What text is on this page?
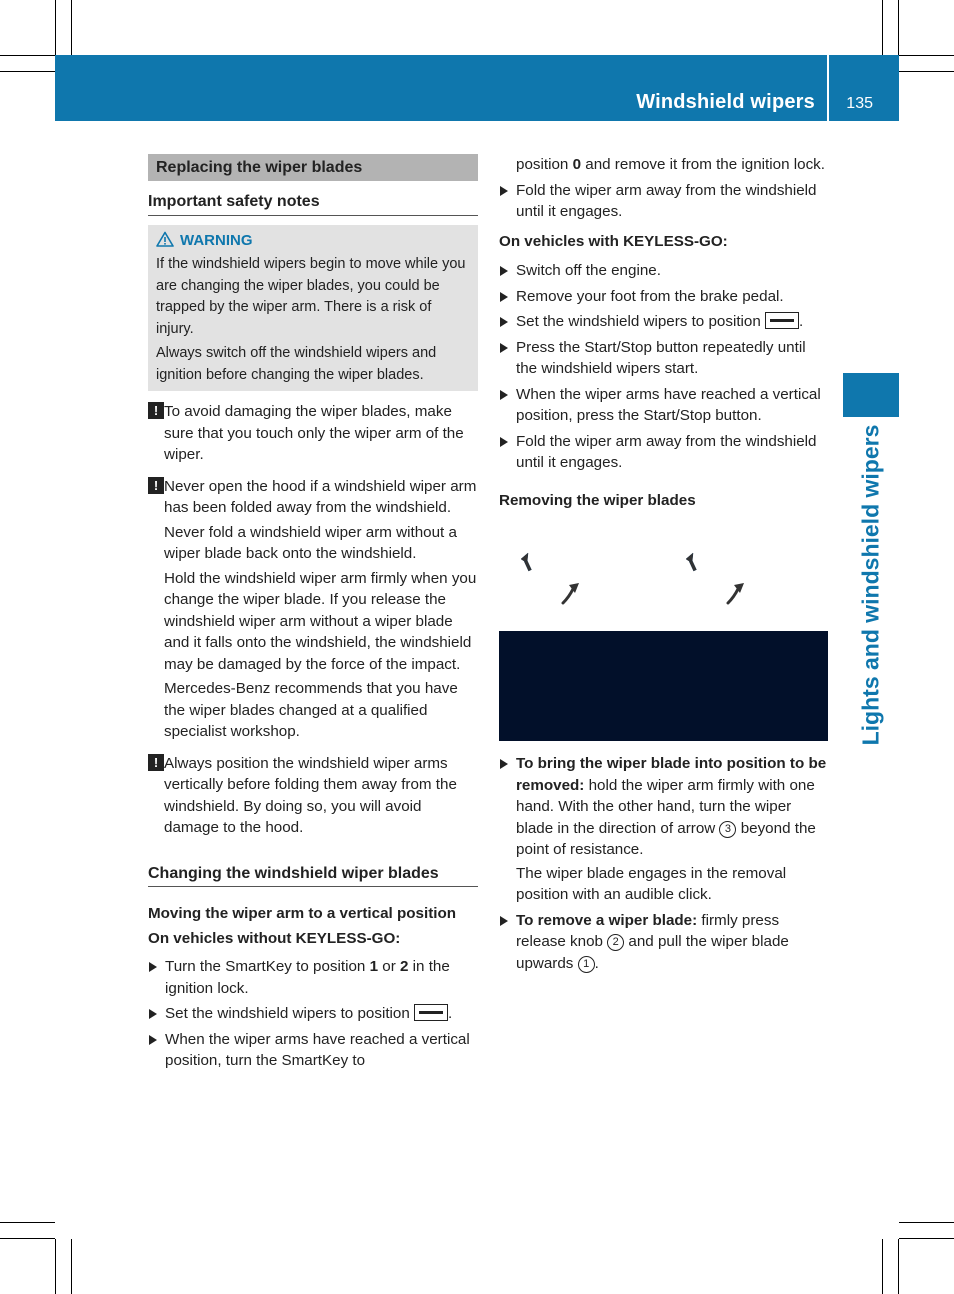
Windshield wipers 135
Lights and windshield wipers
Replacing the wiper blades
Important safety notes
WARNING

If the windshield wipers begin to move while you are changing the wiper blades, you could be trapped by the wiper arm. There is a risk of injury.

Always switch off the windshield wipers and ignition before changing the wiper blades.

! To avoid damaging the wiper blades, make sure that you touch only the wiper arm of the wiper.

! Never open the hood if a windshield wiper arm has been folded away from the windshield.

Never fold a windshield wiper arm without a wiper blade back onto the windshield.

Hold the windshield wiper arm firmly when you change the wiper blade. If you release the windshield wiper arm without a wiper blade and it falls onto the windshield, the windshield may be damaged by the force of the impact.

Mercedes-Benz recommends that you have the wiper blades changed at a qualified specialist workshop.

! Always position the windshield wiper arms vertically before folding them away from the windshield. By doing so, you will avoid damage to the hood.

Changing the windshield wiper blades
Moving the wiper arm to a vertical position
On vehicles without KEYLESS-GO:
Turn the SmartKey to position 1 or 2 in the ignition lock.
Set the windshield wipers to position .
When the wiper arms have reached a vertical position, turn the SmartKey to
position 0 and remove it from the ignition lock.
Fold the wiper arm away from the windshield until it engages.
On vehicles with KEYLESS-GO:
Switch off the engine.
Remove your foot from the brake pedal.
Set the windshield wipers to position .
Press the Start/Stop button repeatedly until the windshield wipers start.
When the wiper arms have reached a vertical position, press the Start/Stop button.
Fold the wiper arm away from the windshield until it engages.
Removing the wiper blades
To bring the wiper blade into position to be removed: hold the wiper arm firmly with one hand. With the other hand, turn the wiper blade in the direction of arrow 3 beyond the point of resistance.
The wiper blade engages in the removal position with an audible click.
To remove a wiper blade: firmly press release knob 2 and pull the wiper blade upwards 1 .
